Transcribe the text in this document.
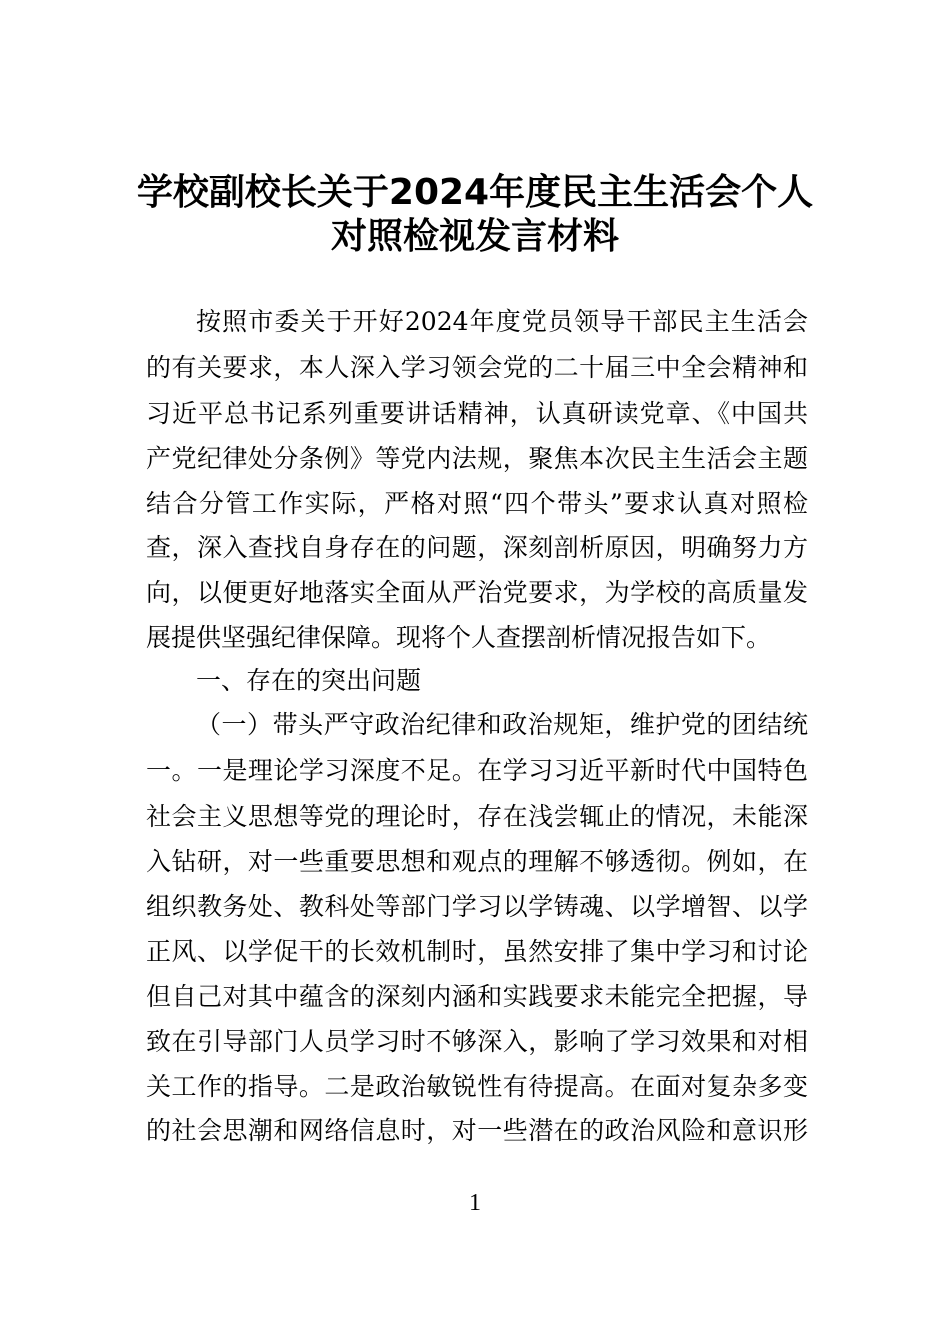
学校副校长关于2024年度民主生活会个人
对照检视发言材料
按照市委关于开好2024年度党员领导干部民主生活会
的有关要求，本人深入学习领会党的二十届三中全会精神和
习近平总书记系列重要讲话精神，认真研读党章、《中国共
产党纪律处分条例》等党内法规，聚焦本次民主生活会主题
结合分管工作实际，严格对照“四个带头”要求认真对照检
查，深入查找自身存在的问题，深刻剖析原因，明确努力方
向，以便更好地落实全面从严治党要求，为学校的高质量发
展提供坚强纪律保障。现将个人查摆剖析情况报告如下。
一、存在的突出问题
（一）带头严守政治纪律和政治规矩，维护党的团结统
一。一是理论学习深度不足。在学习习近平新时代中国特色
社会主义思想等党的理论时，存在浅尝辄止的情况，未能深
入钻研，对一些重要思想和观点的理解不够透彻。例如，在
组织教务处、教科处等部门学习以学铸魂、以学增智、以学
正风、以学促干的长效机制时，虽然安排了集中学习和讨论
但自己对其中蕴含的深刻内涵和实践要求未能完全把握，导
致在引导部门人员学习时不够深入，影响了学习效果和对相
关工作的指导。二是政治敏锐性有待提高。在面对复杂多变
的社会思潮和网络信息时，对一些潜在的政治风险和意识形
1
